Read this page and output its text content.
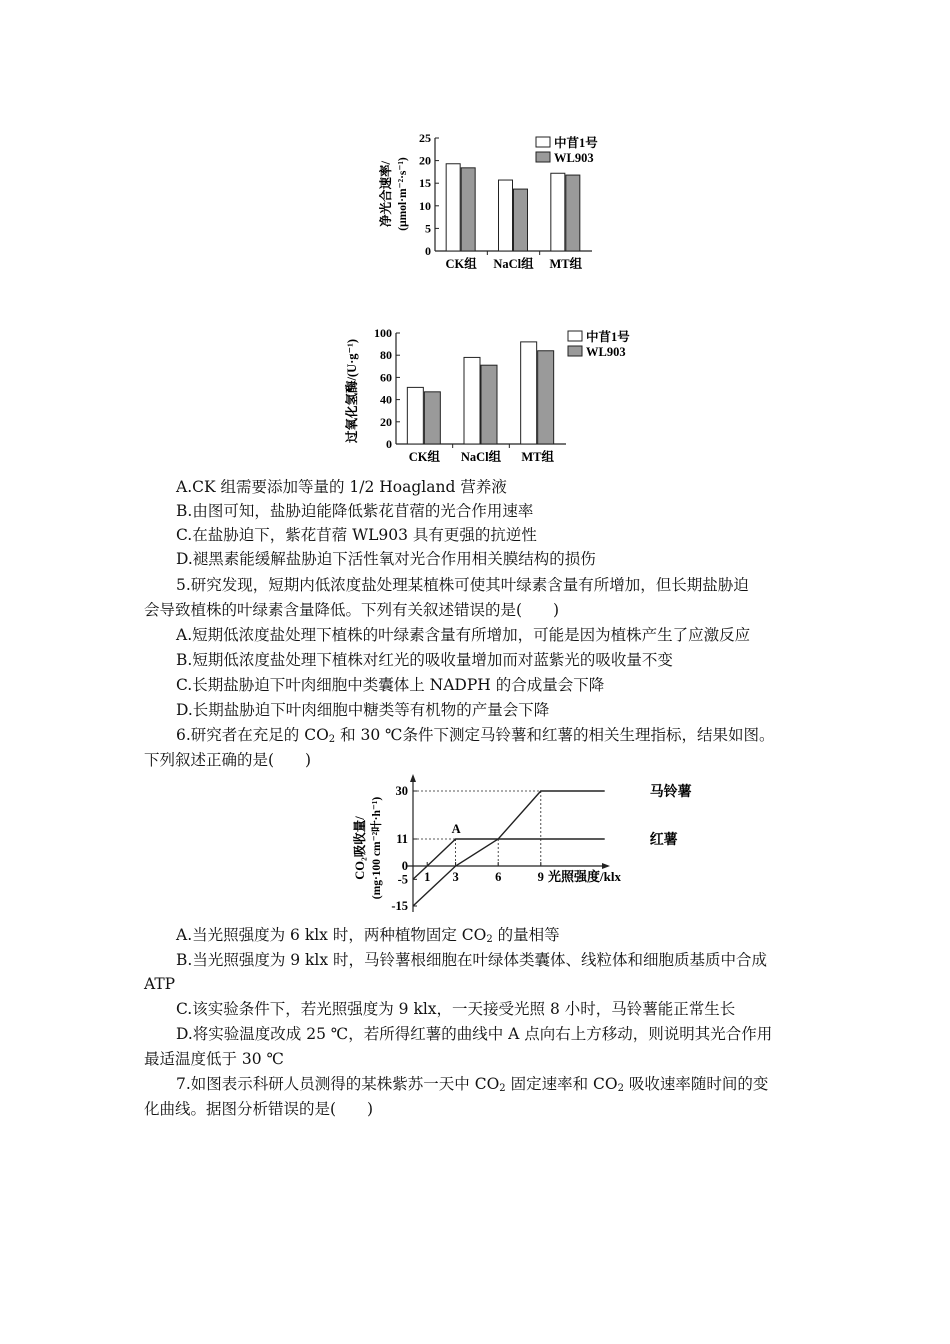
25
20
15
10
5
0
CK组 NaCl组 MT组
中苜1号
WL903
净光合速率/ (μmol·m⁻²·s⁻¹)
100
80
60
40
20
0
CK组 NaCl组 MT组
中苜1号
WL903
过氧化氢酶/(U·g⁻¹)
A.CK 组需要添加等量的 1/2 Hoagland 营养液
B.由图可知，盐胁迫能降低紫花苜蓿的光合作用速率
C.在盐胁迫下，紫花苜蓿 WL903 具有更强的抗逆性
D.褪黑素能缓解盐胁迫下活性氧对光合作用相关膜结构的损伤
5.研究发现，短期内低浓度盐处理某植株可使其叶绿素含量有所增加，但长期盐胁迫
会导致植株的叶绿素含量降低。下列有关叙述错误的是(　　)
A.短期低浓度盐处理下植株的叶绿素含量有所增加，可能是因为植株产生了应激反应
B.短期低浓度盐处理下植株对红光的吸收量增加而对蓝紫光的吸收量不变
C.长期盐胁迫下叶肉细胞中类囊体上 NADPH 的合成量会下降
D.长期盐胁迫下叶肉细胞中糖类等有机物的产量会下降
6.研究者在充足的 $CO_2$ 和 30 ℃条件下测定马铃薯和红薯的相关生理指标，结果如图。
下列叙述正确的是(　　)
30
11
0
-5
-15
1 3	6	9
马铃薯
红薯
A
光照强度/klx
CO₂吸收量/ (mg·100 cm⁻²叶·h⁻¹)
A.当光照强度为 6 klx 时，两种植物固定 $CO_2$ 的量相等
B.当光照强度为 9 klx 时，马铃薯根细胞在叶绿体类囊体、线粒体和细胞质基质中合成
ATP
C.该实验条件下，若光照强度为 9 klx，一天接受光照 8 小时，马铃薯能正常生长
D.将实验温度改成 25 ℃，若所得红薯的曲线中 A 点向右上方移动，则说明其光合作用
最适温度低于 30 ℃
7.如图表示科研人员测得的某株紫苏一天中 $CO_2$ 固定速率和 $CO_2$ 吸收速率随时间的变
化曲线。据图分析错误的是(　　)
